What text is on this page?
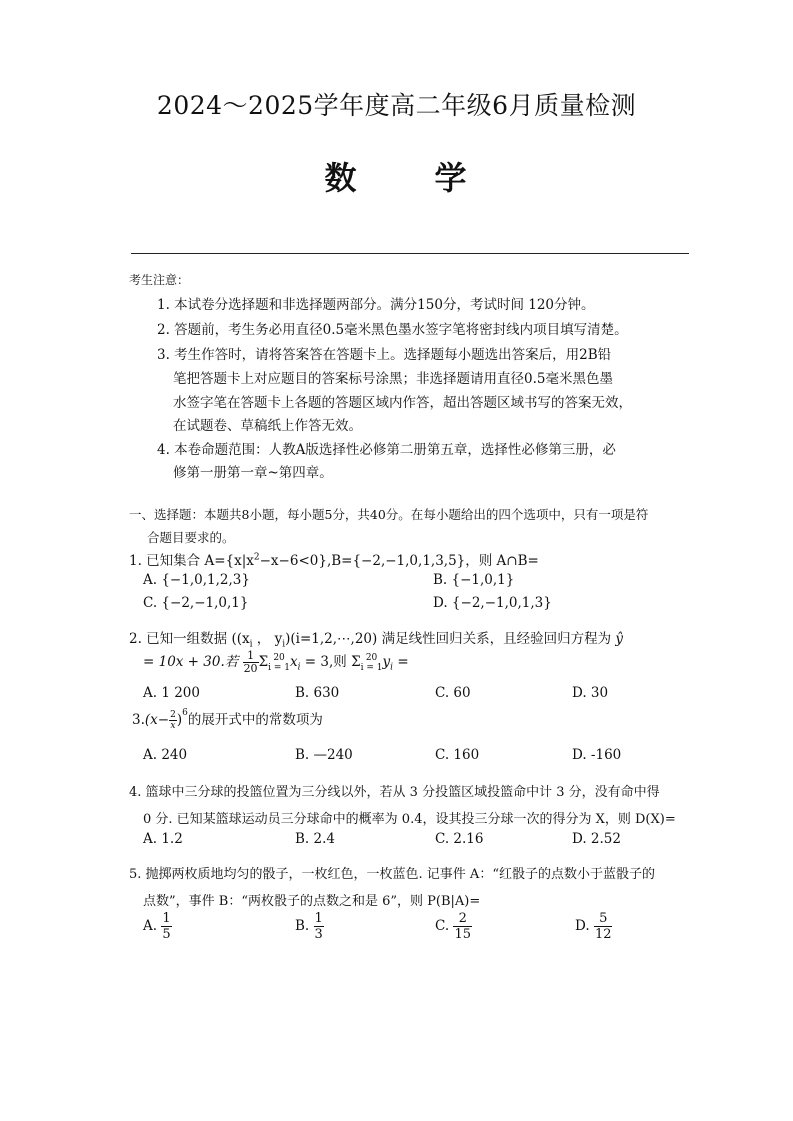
2024～2025学年度高二年级6月质量检测
数 学
考生注意：
1. 本试卷分选择题和非选择题两部分。满分150分，考试时间 120分钟。
2. 答题前，考生务必用直径0.5毫米黑色墨水签字笔将密封线内项目填写清楚。
3. 考生作答时，请将答案答在答题卡上。选择题每小题选出答案后，用2B铅
笔把答题卡上对应题目的答案标号涂黑；非选择题请用直径0.5毫米黑色墨
水签字笔在答题卡上各题的答题区域内作答，超出答题区域书写的答案无效，
在试题卷、草稿纸上作答无效。
4. 本卷命题范围：人教A版选择性必修第二册第五章，选择性必修第三册，必
修第一册第一章~第四章。
一、选择题：本题共8小题，每小题5分，共40分。在每小题给出的四个选项中，只有一项是符
合题目要求的。
1. 已知集合 $A=\{x|x^2-x-6<0\},B=\{-2,-1,0,1,3,5\}$，则 A∩B=
A. {−1,0,1,2,3}	B. {−1,0,1}
C. {−2,−1,0,1}	D. {−2,−1,0,1,3}
2. 已知一组数据 (($x_i$ ， $y_i)(i=1,2,\cdots,20)$ 满足线性回归关系，且经验回归方程为 ŷ
= 10x + 30.若 $\frac{1}{20}$ Σ 20
i = 1 $x_i = 3$,则 Σ 20
i = 1 $y_i$ =
A. 1 200	B. 630	C. 60	D. 30
$3.(x- \frac{2}{x} )^6$的展开式中的常数项为
A. 240	B. —240	C. 160	D. -160
4. 篮球中三分球的投篮位置为三分线以外，若从 3 分投篮区域投篮命中计 3 分，没有命中得
0 分. 已知某篮球运动员三分球命中的概率为 0.4，设其投三分球一次的得分为 X，则 D(X)=
A. 1.2	B. 2.4	C. 2.16	D. 2.52
5. 抛掷两枚质地均匀的骰子，一枚红色，一枚蓝色. 记事件 A：“红骰子的点数小于蓝骰子的
点数”，事件 B：“两枚骰子的点数之和是 6”，则 P(B|A)=
A. $\frac{1}{5}$	B. $\frac{1}{3}$	C. $\frac{2}{15}$	D. $\frac{5}{12}$
